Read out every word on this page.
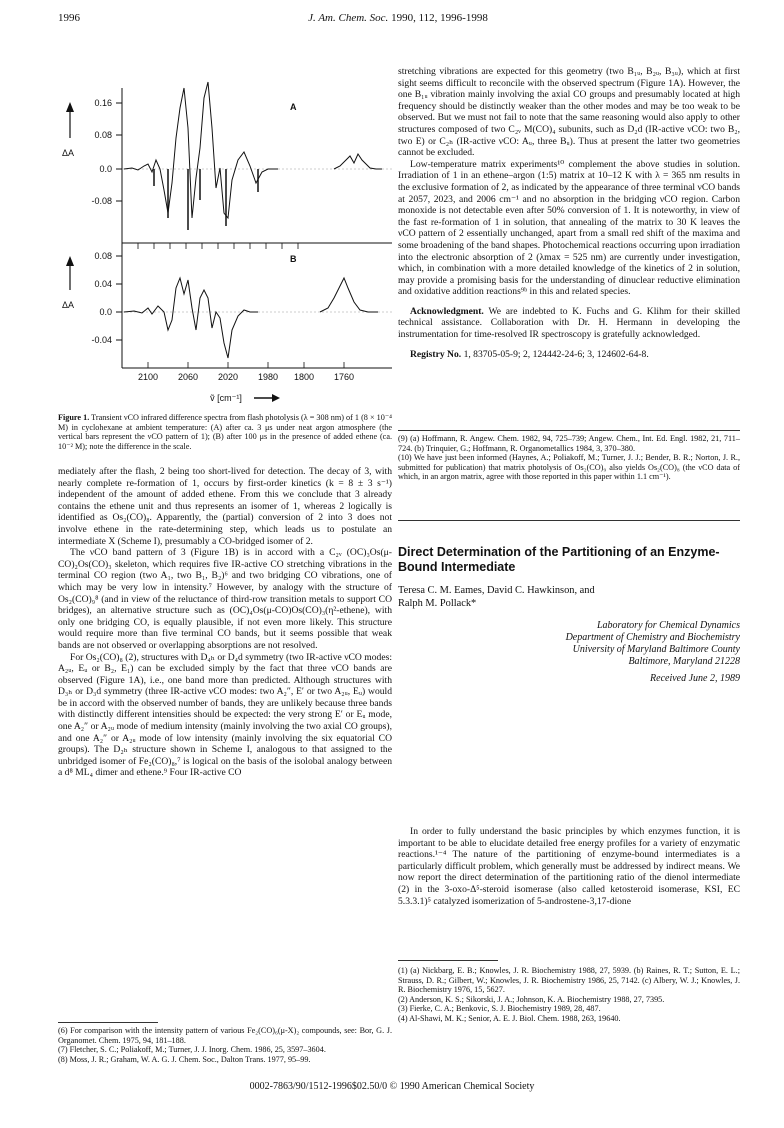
1996	J. Am. Chem. Soc. 1990, 112, 1996-1998
0.16
0.08
0.0
-0.08
ΔA
A
0.08
0.04
0.0
-0.04
ΔA
B
2100 2060 2020 1980 1800 1760
ṽ [cm⁻¹]
Figure 1. Transient νCO infrared difference spectra from flash photolysis (λ = 308 nm) of 1 (8 × 10⁻⁴ M) in cyclohexane at ambient temperature: (A) after ca. 3 μs under neat argon atmosphere (the vertical bars represent the νCO pattern of 1); (B) after 100 μs in the presence of added ethene (ca. 10⁻² M); note the difference in the scale.

mediately after the flash, 2 being too short-lived for detection. The decay of 3, with nearly complete re-formation of 1, occurs by first-order kinetics (k = 8 ± 3 s⁻¹) independent of the amount of added ethene. From this we conclude that 3 already contains the ethene unit and thus represents an isomer of 1, whereas 2 logically is identified as Os₂(CO)₈. Apparently, the (partial) conversion of 2 into 3 does not involve ethene in the rate-determining step, which leads us to postulate an intermediate X (Scheme I), presumably a CO-bridged isomer of 2.

The νCO band pattern of 3 (Figure 1B) is in accord with a C₂ᵥ (OC)₃Os(μ-CO)₂Os(CO)₃ skeleton, which requires five IR-active CO stretching vibrations in the terminal CO region (two A₁, two B₁, B₂)⁶ and two bridging CO vibrations, one of which may be very low in intensity.⁷ However, by analogy with the structure of Os₂(CO)₉⁸ (and in view of the reluctance of third-row transition metals to support CO bridges), an alternative structure such as (OC)₄Os(μ-CO)Os(CO)₃(η²-ethene), with only one bridging CO, is equally plausible, if not even more likely. This structure would require more than five terminal CO bands, but it seems possible that weak bands are not observed or overlapping absorptions are not resolved.

For Os₂(CO)₈ (2), structures with D₄ₕ or D₄d symmetry (two IR-active νCO modes: A₂ᵤ, Eᵤ or B₂, E₁) can be excluded simply by the fact that three νCO bands are observed (Figure 1A), i.e., one band more than predicted. Although structures with D₃ₕ or D₃d symmetry (three IR-active νCO modes: two A₂″, E′ or two A₂ᵤ, Eᵤ) would be in accord with the observed number of bands, they are unlikely because three bands with distinctly different intensities should be expected: the very strong E′ or Eᵤ mode, one A₂″ or A₂ᵤ mode of medium intensity (mainly involving the two axial CO groups), and one A₂″ or A₂ᵤ mode of low intensity (mainly involving the six equatorial CO groups). The D₂ₕ structure shown in Scheme I, analogous to that assigned to the unbridged isomer of Fe₂(CO)₈,⁷ is logical on the basis of the isolobal analogy between a d⁸ ML₄ dimer and ethene.⁹ Four IR-active CO

(6) For comparison with the intensity pattern of various Fe₂(CO)₆(μ-X)₂ compounds, see: Bor, G. J. Organomet. Chem. 1975, 94, 181–188.

(7) Fletcher, S. C.; Poliakoff, M.; Turner, J. J. Inorg. Chem. 1986, 25, 3597–3604.

(8) Moss, J. R.; Graham, W. A. G. J. Chem. Soc., Dalton Trans. 1977, 95–99.

stretching vibrations are expected for this geometry (two B₁ᵤ, B₂ᵤ, B₃ᵤ), which at first sight seems difficult to reconcile with the observed spectrum (Figure 1A). However, the one B₁ᵤ vibration mainly involving the axial CO groups and presumably located at high frequency should be distinctly weaker than the other modes and may be too weak to be observed. But we must not fail to note that the same reasoning would also apply to other structures composed of two C₂ᵥ M(CO)₄ subunits, such as D₂d (IR-active νCO: two B₂, two E) or C₂ₕ (IR-active νCO: Aᵤ, three Bᵤ). Thus at present the latter two geometries cannot be excluded.

Low-temperature matrix experiments¹⁰ complement the above studies in solution. Irradiation of 1 in an ethene–argon (1:5) matrix at 10–12 K with λ = 365 nm results in the exclusive formation of 2, as indicated by the appearance of three terminal νCO bands at 2057, 2023, and 2006 cm⁻¹ and no absorption in the bridging νCO region. Carbon monoxide is not detectable even after 50% conversion of 1. It is noteworthy, in view of the fast re-formation of 1 in solution, that annealing of the matrix to 30 K leaves the νCO pattern of 2 essentially unchanged, apart from a small red shift of the maxima and some broadening of the band shapes. Photochemical reactions occurring upon irradiation into the electronic absorption of 2 (λmax = 525 nm) are currently under investigation, which, in combination with a more detailed knowledge of the kinetics of 2 in solution, may provide a promising basis for the understanding of dinuclear reductive elimination and oxidative addition reactions⁹ᵇ in this and related species.

Acknowledgment. We are indebted to K. Fuchs and G. Klihm for their skilled technical assistance. Collaboration with Dr. H. Hermann in developing the instrumentation for time-resolved IR spectroscopy is gratefully acknowledged.

Registry No. 1, 83705-05-9; 2, 124442-24-6; 3, 124602-64-8.

(9) (a) Hoffmann, R. Angew. Chem. 1982, 94, 725–739; Angew. Chem., Int. Ed. Engl. 1982, 21, 711–724. (b) Trinquier, G.; Hoffmann, R. Organometallics 1984, 3, 370–380.

(10) We have just been informed (Haynes, A.; Poliakoff, M.; Turner, J. J.; Bender, B. R.; Norton, J. R., submitted for publication) that matrix photolysis of Os₂(CO)₉ also yields Os₂(CO)₈ (the νCO data of which, in an argon matrix, agree with those reported in this paper within 1.1 cm⁻¹).

Direct Determination of the Partitioning of an Enzyme-Bound Intermediate
Teresa C. M. Eames, David C. Hawkinson, and
Ralph M. Pollack*
Laboratory for Chemical Dynamics
Department of Chemistry and Biochemistry
University of Maryland Baltimore County
Baltimore, Maryland 21228
Received June 2, 1989

In order to fully understand the basic principles by which enzymes function, it is important to be able to elucidate detailed free energy profiles for a variety of enzymatic reactions.¹⁻⁴ The nature of the partitioning of enzyme-bound intermediates is a particularly difficult problem, which generally must be addressed by indirect means. We now report the direct determination of the partitioning ratio of the dienol intermediate (2) in the 3-oxo-Δ⁵-steroid isomerase (also called ketosteroid isomerase, KSI, EC 5.3.3.1)⁵ catalyzed isomerization of 5-androstene-3,17-dione

(1) (a) Nickbarg, E. B.; Knowles, J. R. Biochemistry 1988, 27, 5939. (b) Raines, R. T.; Sutton, E. L.; Strauss, D. R.; Gilbert, W.; Knowles, J. R. Biochemistry 1986, 25, 7142. (c) Albery, W. J.; Knowles, J. R. Biochemistry 1976, 15, 5627.

(2) Anderson, K. S.; Sikorski, J. A.; Johnson, K. A. Biochemistry 1988, 27, 7395.

(3) Fierke, C. A.; Benkovic, S. J. Biochemistry 1989, 28, 487.

(4) Al-Shawi, M. K.; Senior, A. E. J. Biol. Chem. 1988, 263, 19640.

0002-7863/90/1512-1996$02.50/0 © 1990 American Chemical Society
